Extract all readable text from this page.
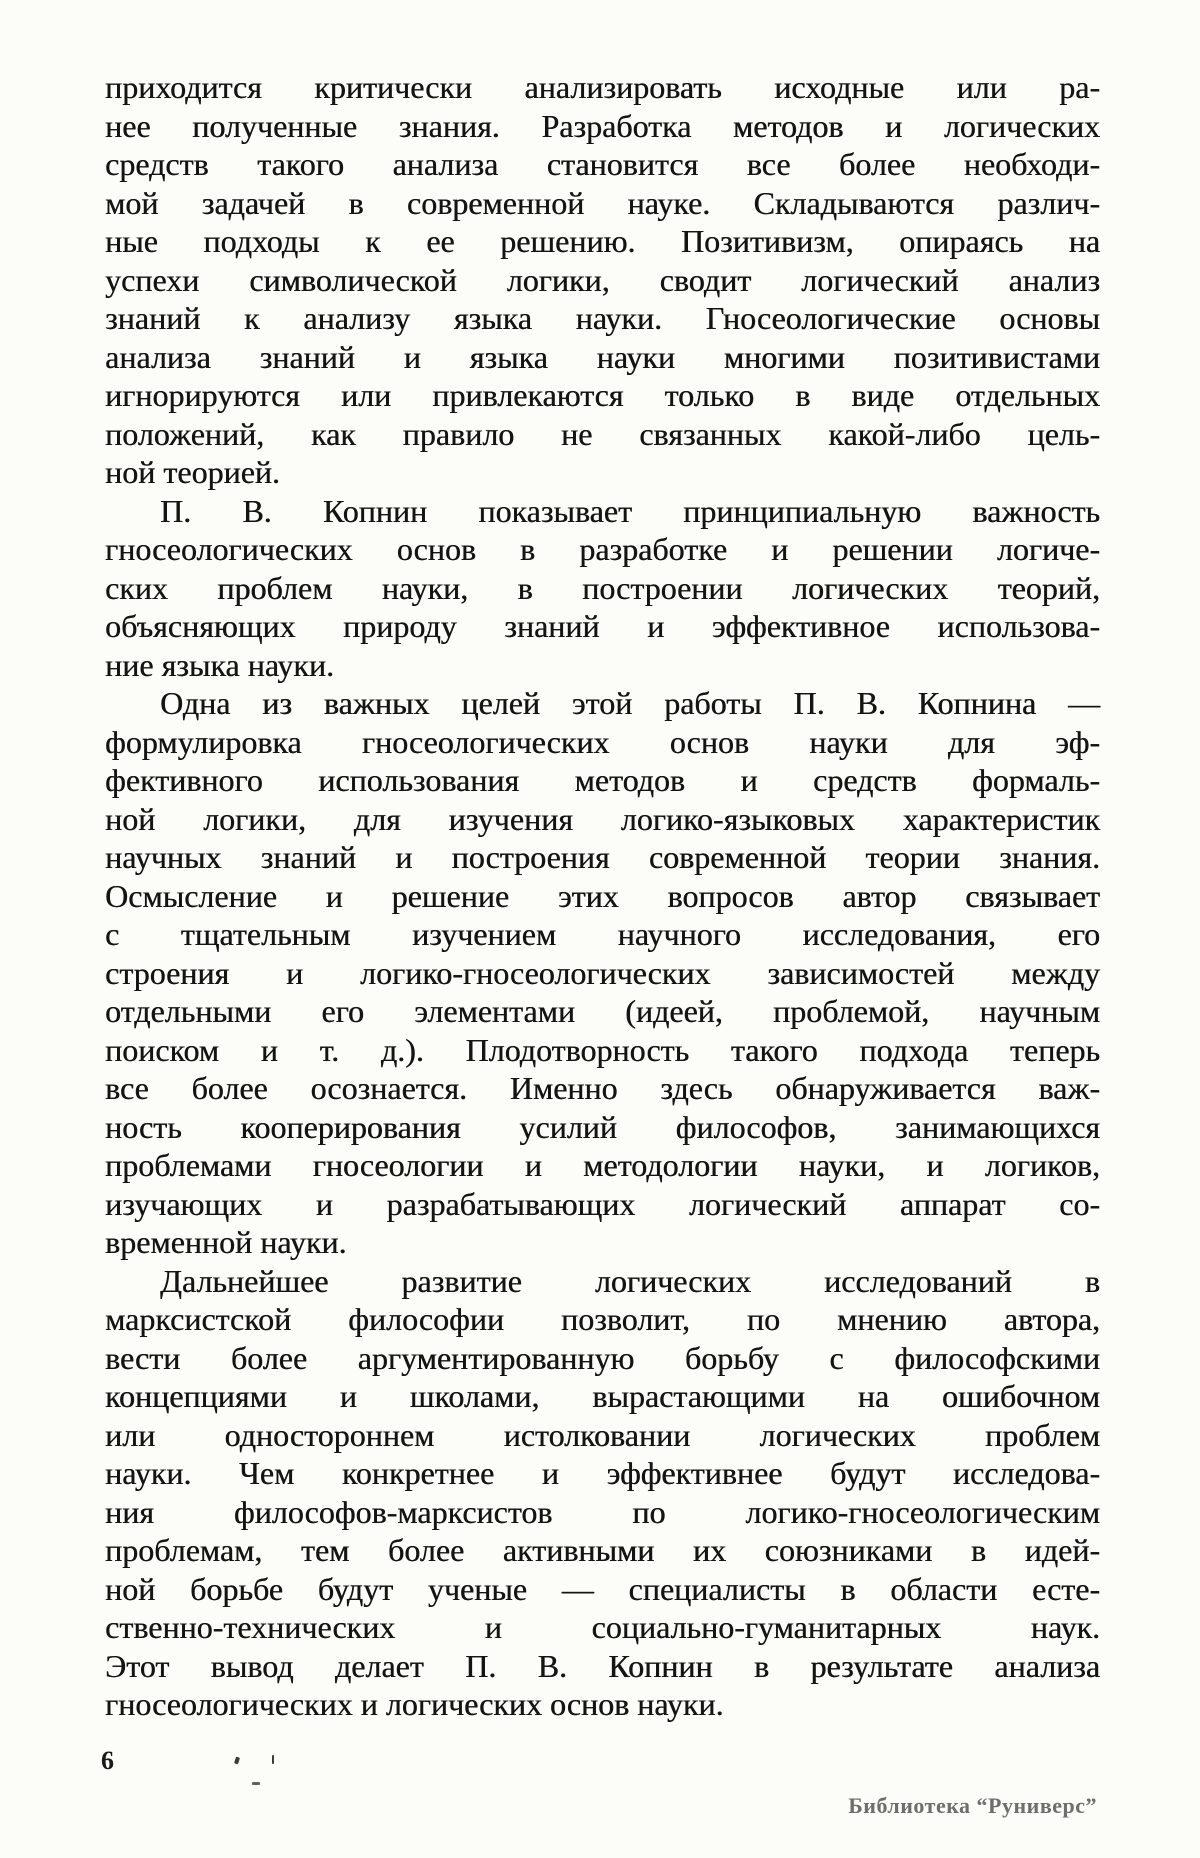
приходится критически анализировать исходные или ра-
нее полученные знания. Разработка методов и логических
средств такого анализа становится все более необходи-
мой задачей в современной науке. Складываются различ-
ные подходы к ее решению. Позитивизм, опираясь на
успехи символической логики, сводит логический анализ
знаний к анализу языка науки. Гносеологические основы
анализа знаний и языка науки многими позитивистами
игнорируются или привлекаются только в виде отдельных
положений, как правило не связанных какой-либо цель-
ной теорией.
П. В. Копнин показывает принципиальную важность
гносеологических основ в разработке и решении логиче-
ских проблем науки, в построении логических теорий,
объясняющих природу знаний и эффективное использова-
ние языка науки.
Одна из важных целей этой работы П. В. Копнина —
формулировка гносеологических основ науки для эф-
фективного использования методов и средств формаль-
ной логики, для изучения логико-языковых характеристик
научных знаний и построения современной теории знания.
Осмысление и решение этих вопросов автор связывает
с тщательным изучением научного исследования, его
строения и логико-гносеологических зависимостей между
отдельными его элементами (идеей, проблемой, научным
поиском и т. д.). Плодотворность такого подхода теперь
все более осознается. Именно здесь обнаруживается важ-
ность кооперирования усилий философов, занимающихся
проблемами гносеологии и методологии науки, и логиков,
изучающих и разрабатывающих логический аппарат со-
временной науки.
Дальнейшее развитие логических исследований в
марксистской философии позволит, по мнению автора,
вести более аргументированную борьбу с философскими
концепциями и школами, вырастающими на ошибочном
или одностороннем истолковании логических проблем
науки. Чем конкретнее и эффективнее будут исследова-
ния философов-марксистов по логико-гносеологическим
проблемам, тем более активными их союзниками в идей-
ной борьбе будут ученые — специалисты в области есте-
ственно-технических и социально-гуманитарных наук.
Этот вывод делает П. В. Копнин в результате анализа
гносеологических и логических основ науки.
6
Библиотека “Руниверс”
